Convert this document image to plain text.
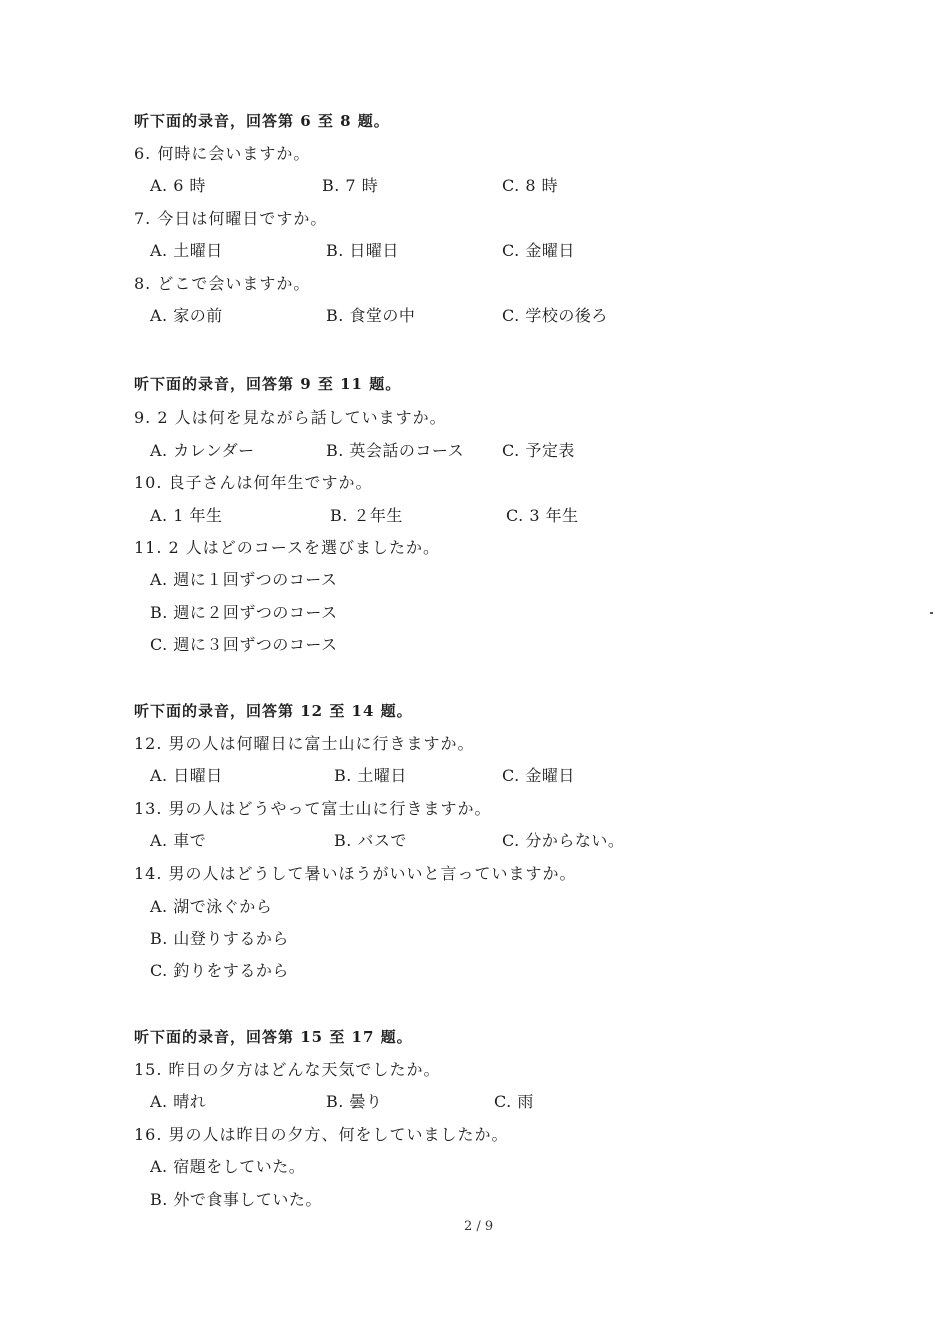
听下面的录音，回答第 6 至 8 题。
6. 何時に会いますか。
A. 6 時	B. 7 時	C. 8 時
7. 今日は何曜日ですか。
A. 土曜日	B. 日曜日	C. 金曜日
8. どこで会いますか。
A. 家の前	B. 食堂の中	C. 学校の後ろ
听下面的录音，回答第 9 至 11 题。
9. 2 人は何を見ながら話していますか。
A. カレンダー	B. 英会話のコース C. 予定表
10. 良子さんは何年生ですか。
A. 1 年生	B. ２年生	C. 3 年生
11. 2 人はどのコースを選びましたか。
A. 週に１回ずつのコース
B. 週に２回ずつのコース
C. 週に３回ずつのコース
听下面的录音，回答第 12 至 14 题。
12. 男の人は何曜日に富士山に行きますか。
A. 日曜日	B. 土曜日	C. 金曜日
13. 男の人はどうやって富士山に行きますか。
A. 車で	B. バスで	C. 分からない。
14. 男の人はどうして暑いほうがいいと言っていますか。
A. 湖で泳ぐから
B. 山登りするから
C. 釣りをするから
听下面的录音，回答第 15 至 17 题。
15. 昨日の夕方はどんな天気でしたか。
A. 晴れ	B. 曇り	C. 雨
16. 男の人は昨日の夕方、何をしていましたか。
A. 宿題をしていた。
B. 外で食事していた。
2 / 9
